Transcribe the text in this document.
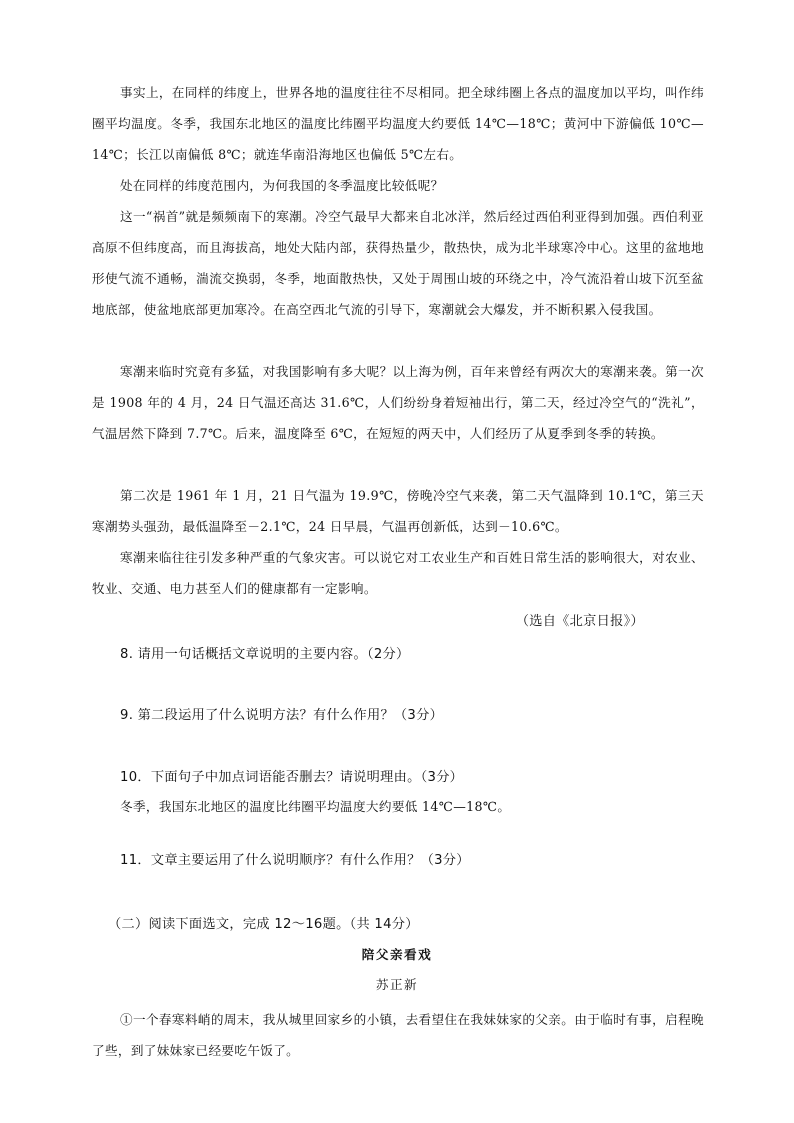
事实上，在同样的纬度上，世界各地的温度往往不尽相同。把全球纬圈上各点的温度加以平均，叫作纬圈平均温度。冬季，我国东北地区的温度比纬圈平均温度大约要低 14℃—18℃；黄河中下游偏低 10℃—14℃；长江以南偏低 8℃；就连华南沿海地区也偏低 5℃左右。

处在同样的纬度范围内，为何我国的冬季温度比较低呢？

这一“祸首”就是频频南下的寒潮。冷空气最早大都来自北冰洋，然后经过西伯利亚得到加强。西伯利亚高原不但纬度高，而且海拔高，地处大陆内部，获得热量少，散热快，成为北半球寒冷中心。这里的盆地地形使气流不通畅，湍流交换弱，冬季，地面散热快，又处于周围山坡的环绕之中，冷气流沿着山坡下沉至盆地底部，使盆地底部更加寒冷。在高空西北气流的引导下，寒潮就会大爆发，并不断积累入侵我国。

寒潮来临时究竟有多猛，对我国影响有多大呢？以上海为例，百年来曾经有两次大的寒潮来袭。第一次是 1908 年的 4 月，24 日气温还高达 31.6℃，人们纷纷身着短袖出行，第二天，经过冷空气的“洗礼”，气温居然下降到 7.7℃。后来，温度降至 6℃，在短短的两天中，人们经历了从夏季到冬季的转换。

第二次是 1961 年 1 月，21 日气温为 19.9℃，傍晚冷空气来袭，第二天气温降到 10.1℃，第三天寒潮势头强劲，最低温降至－2.1℃，24 日早晨，气温再创新低，达到－10.6℃。

寒潮来临往往引发多种严重的气象灾害。可以说它对工农业生产和百姓日常生活的影响很大，对农业、牧业、交通、电力甚至人们的健康都有一定影响。

（选自《北京日报》）

8. 请用一句话概括文章说明的主要内容。（2分）

9. 第二段运用了什么说明方法？有什么作用？（3分）

10．下面句子中加点词语能否删去？请说明理由。（3分）

冬季，我国东北地区的温度比纬圈平均温度大约要低 14℃—18℃。

11．文章主要运用了什么说明顺序？有什么作用？（3分）

（二）阅读下面选文，完成 12～16题。（共 14分）

陪父亲看戏

苏正新

①一个春寒料峭的周末，我从城里回家乡的小镇，去看望住在我妹妹家的父亲。由于临时有事，启程晚了些，到了妹妹家已经要吃午饭了。
